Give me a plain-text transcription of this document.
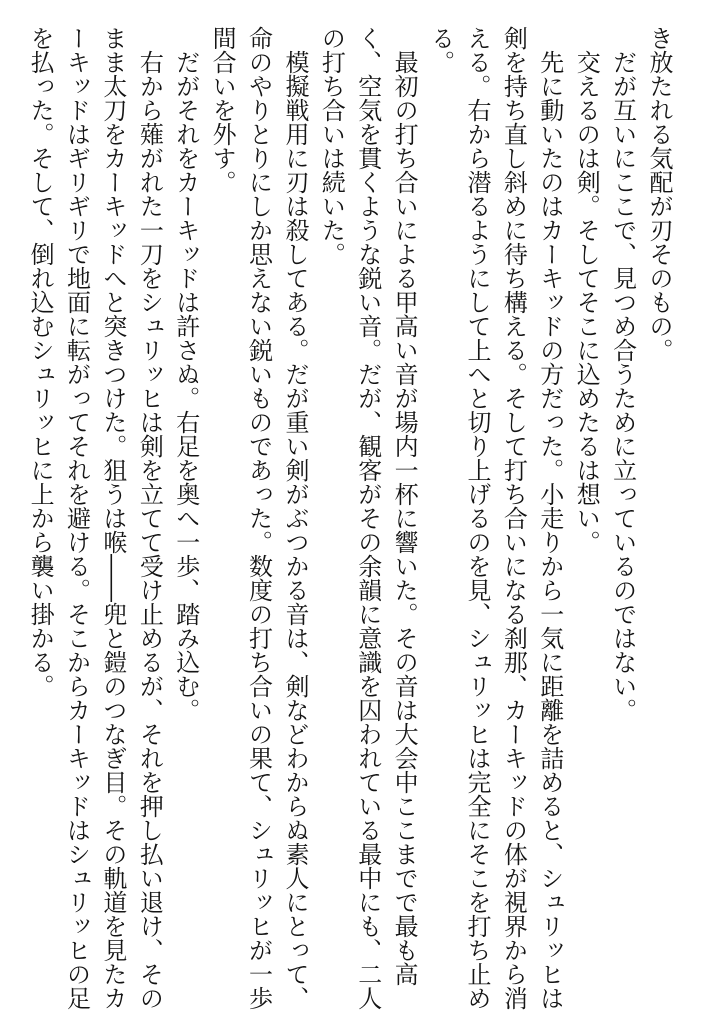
き放たれる気配が刃そのもの。

　だが互いにここで、見つめ合うために立っているのではない。

　交えるのは剣。そしてそこに込めたるは想い。

　先に動いたのはカーキッドの方だった。小走りから一気に距離を詰めると、シュリッヒは

剣を持ち直し斜めに待ち構える。そして打ち合いになる刹那、カーキッドの体が視界から消

える。右から潜るようにして上へと切り上げるのを見、シュリッヒは完全にそこを打ち止め

る。

　最初の打ち合いによる甲高い音が場内一杯に響いた。その音は大会中ここまでで最も高

く、空気を貫くような鋭い音。だが、観客がその余韻に意識を囚われている最中にも、二人

の打ち合いは続いた。

　模擬戦用に刃は殺してある。だが重い剣がぶつかる音は、剣などわからぬ素人にとって、

命のやりとりにしか思えない鋭いものであった。数度の打ち合いの果て、シュリッヒが一歩

間合いを外す。

　だがそれをカーキッドは許さぬ。右足を奥へ一歩、踏み込む。

　右から薙がれた一刀をシュリッヒは剣を立てて受け止めるが、それを押し払い退け、その

まま太刀をカーキッドへと突きつけた。狙うは喉――兜と鎧のつなぎ目。その軌道を見たカ

ーキッドはギリギリで地面に転がってそれを避ける。そこからカーキッドはシュリッヒの足

を払った。そして、倒れ込むシュリッヒに上から襲い掛かる。
